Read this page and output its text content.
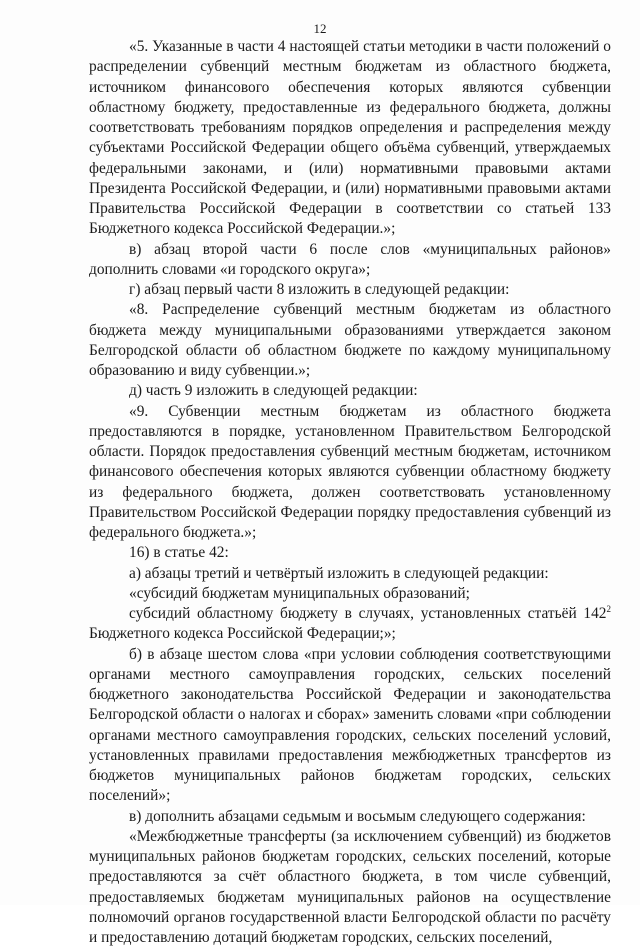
12

«5. Указанные в части 4 настоящей статьи методики в части положений о распределении субвенций местным бюджетам из областного бюджета, источником финансового обеспечения которых являются субвенции областному бюджету, предоставленные из федерального бюджета, должны соответствовать требованиям порядков определения и распределения между субъектами Российской Федерации общего объёма субвенций, утверждаемых федеральными законами, и (или) нормативными правовыми актами Президента Российской Федерации, и (или) нормативными правовыми актами Правительства Российской Федерации в соответствии со статьей 133 Бюджетного кодекса Российской Федерации.»;

в) абзац второй части 6 после слов «муниципальных районов» дополнить словами «и городского округа»;

г) абзац первый части 8 изложить в следующей редакции:

«8. Распределение субвенций местным бюджетам из областного бюджета между муниципальными образованиями утверждается законом Белгородской области об областном бюджете по каждому муниципальному образованию и виду субвенции.»;

д) часть 9 изложить в следующей редакции:

«9. Субвенции местным бюджетам из областного бюджета предоставляются в порядке, установленном Правительством Белгородской области. Порядок предоставления субвенций местным бюджетам, источником финансового обеспечения которых являются субвенции областному бюджету из федерального бюджета, должен соответствовать установленному Правительством Российской Федерации порядку предоставления субвенций из федерального бюджета.»;

16) в статье 42:

а) абзацы третий и четвёртый изложить в следующей редакции:

«субсидий бюджетам муниципальных образований;

субсидий областному бюджету в случаях, установленных статьёй $142^2$ Бюджетного кодекса Российской Федерации;»;

б) в абзаце шестом слова «при условии соблюдения соответствующими органами местного самоуправления городских, сельских поселений бюджетного законодательства Российской Федерации и законодательства Белгородской области о налогах и сборах» заменить словами «при соблюдении органами местного самоуправления городских, сельских поселений условий, установленных правилами предоставления межбюджетных трансфертов из бюджетов муниципальных районов бюджетам городских, сельских поселений»;

в) дополнить абзацами седьмым и восьмым следующего содержания:

«Межбюджетные трансферты (за исключением субвенций) из бюджетов муниципальных районов бюджетам городских, сельских поселений, которые предоставляются за счёт областного бюджета, в том числе субвенций, предоставляемых бюджетам муниципальных районов на осуществление полномочий органов государственной власти Белгородской области по расчёту и предоставлению дотаций бюджетам городских, сельских поселений,
